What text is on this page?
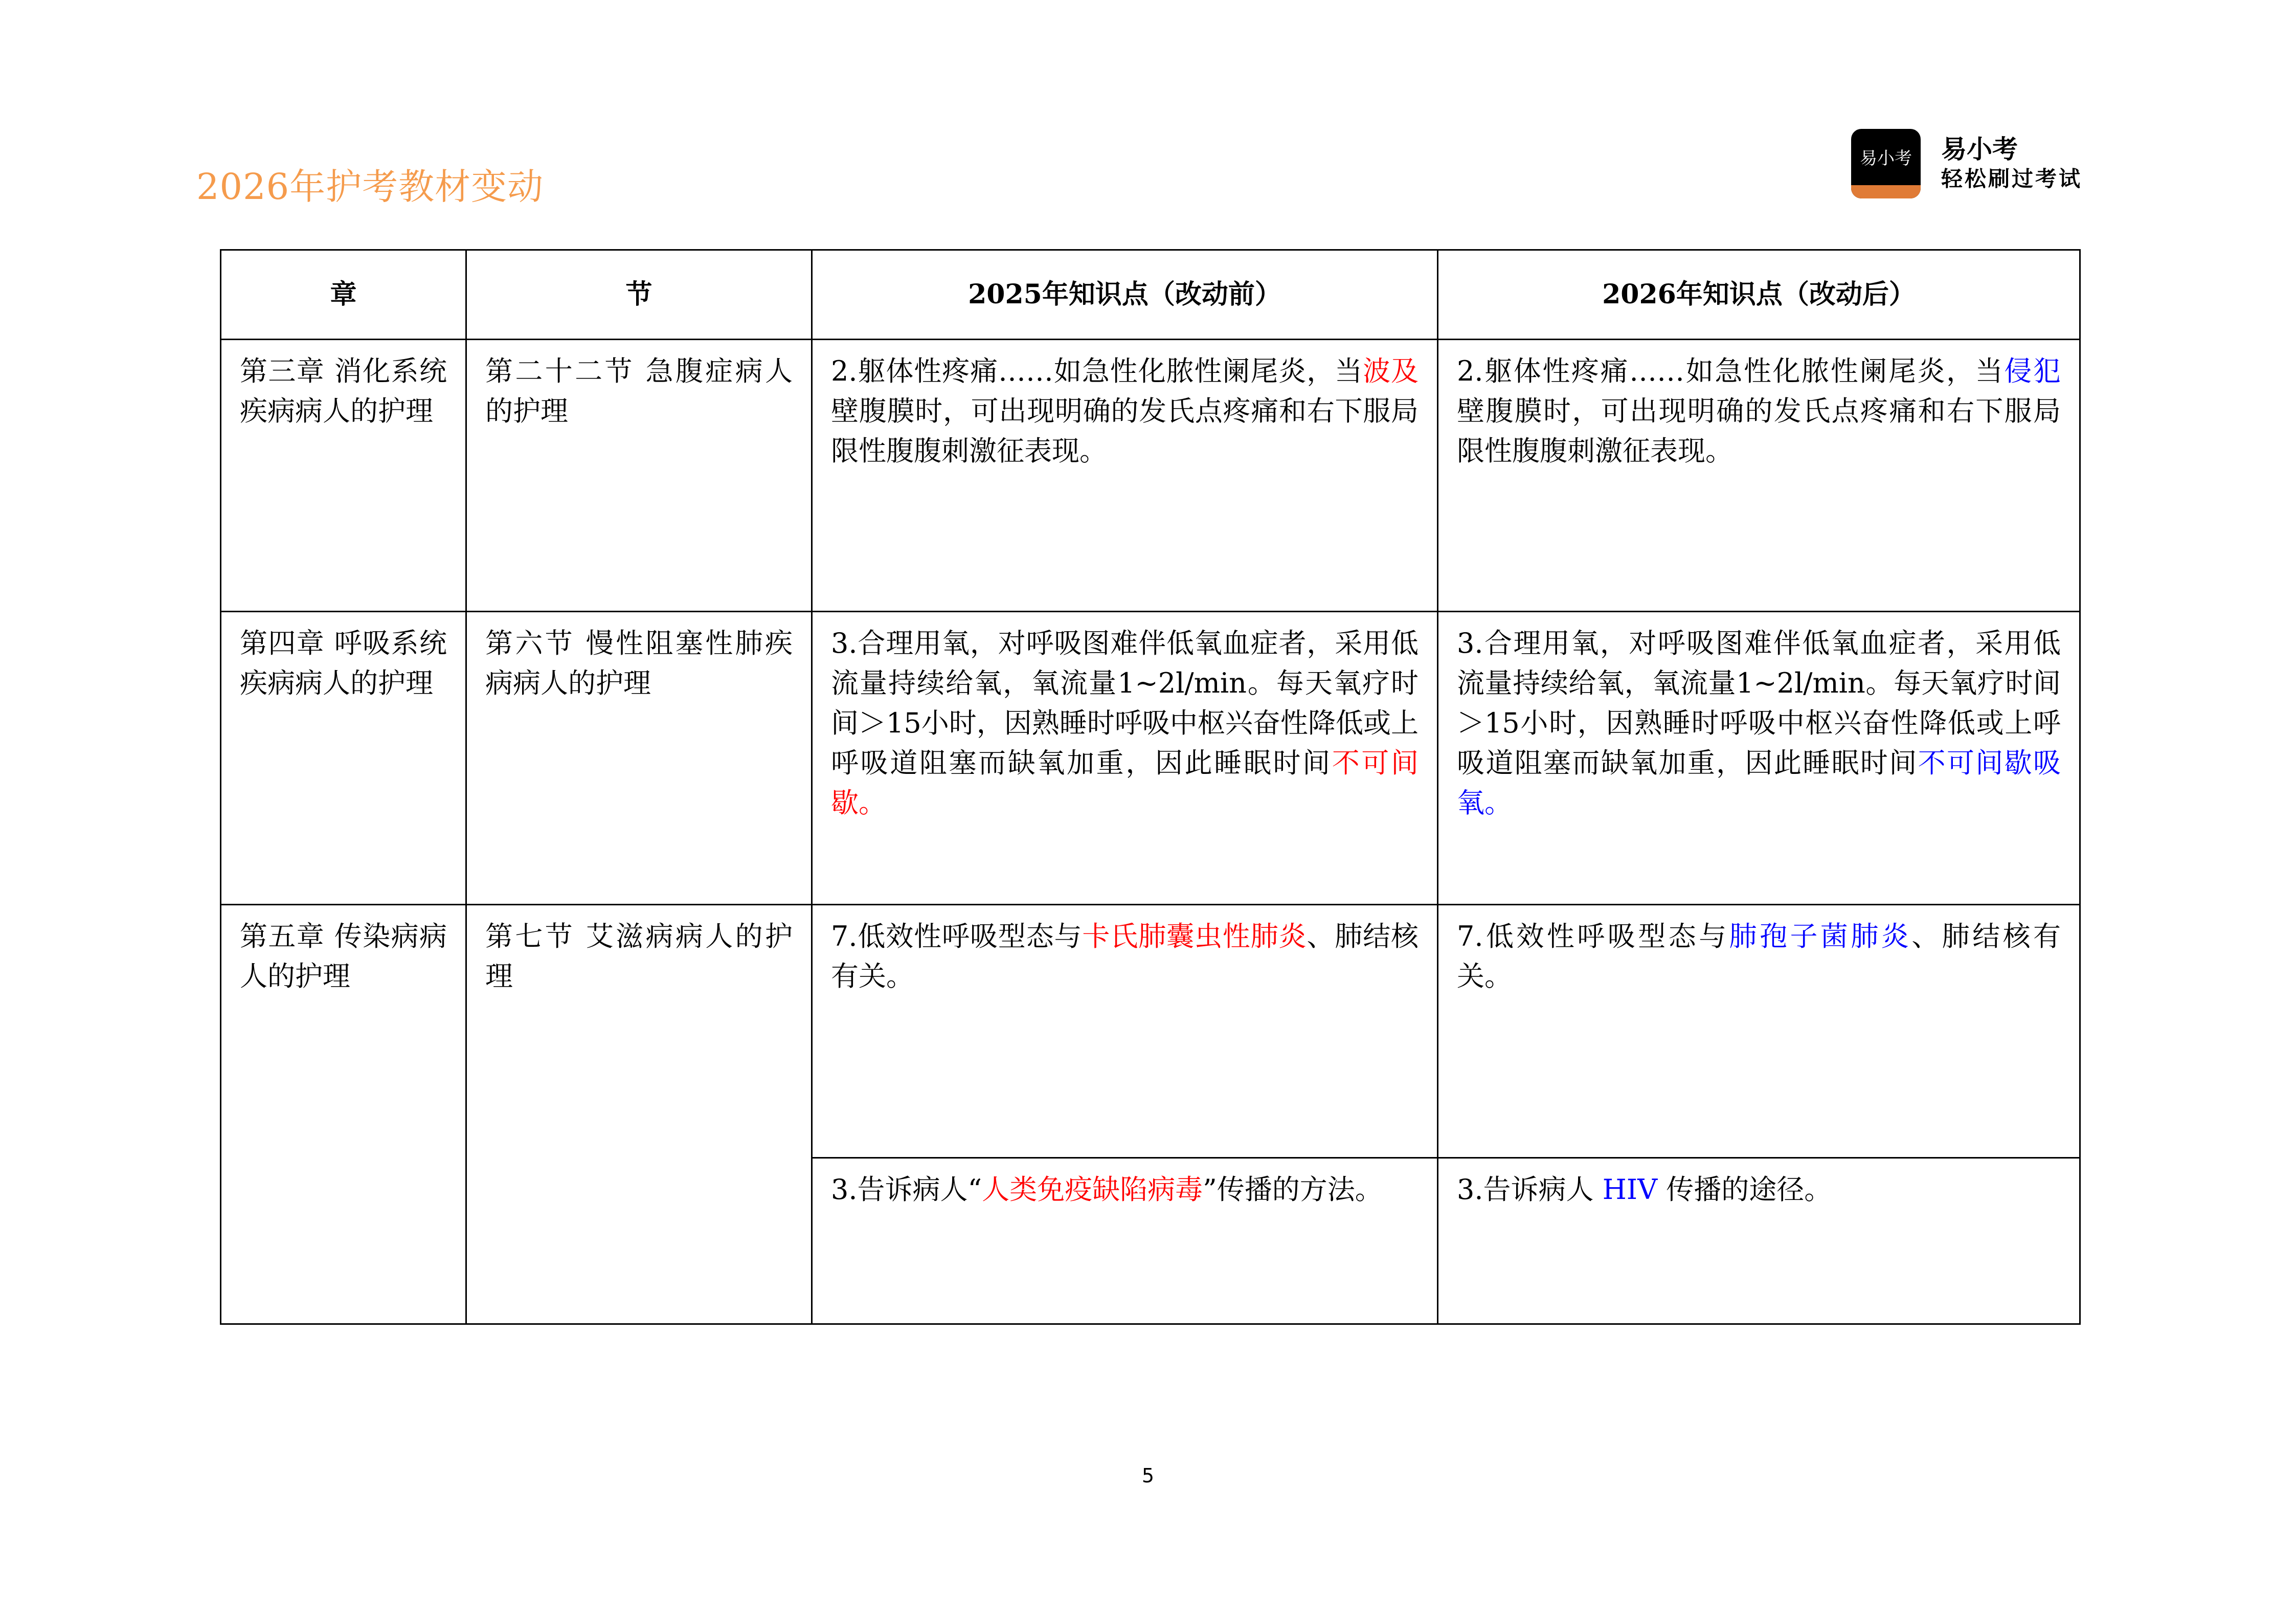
2026年护考教材变动
易小考	易小考
轻松刷过考试
章	节	2025年知识点（改动前）	2026年知识点（改动后）
第三章 消化系统疾病病人的护理	第二十二节 急腹症病人的护理	2.躯体性疼痛……如急性化脓性阑尾炎，当波及壁腹膜时，可出现明确的发氏点疼痛和右下服局限性腹腹刺激征表现。	2.躯体性疼痛……如急性化脓性阑尾炎，当侵犯壁腹膜时，可出现明确的发氏点疼痛和右下服局限性腹腹刺激征表现。
第四章 呼吸系统疾病病人的护理	第六节 慢性阻塞性肺疾病病人的护理	3.合理用氧，对呼吸图难伴低氧血症者，采用低流量持续给氧，氧流量1~2l/min。每天氧疗时间＞15小时，因熟睡时呼吸中枢兴奋性降低或上呼吸道阻塞而缺氧加重，因此睡眠时间不可间歇。	3.合理用氧，对呼吸图难伴低氧血症者，采用低流量持续给氧，氧流量1~2l/min。每天氧疗时间＞15小时，因熟睡时呼吸中枢兴奋性降低或上呼吸道阻塞而缺氧加重，因此睡眠时间不可间歇吸氧。
第五章 传染病病人的护理	第七节 艾滋病病人的护理	7.低效性呼吸型态与卡氏肺囊虫性肺炎、肺结核有关。	7.低效性呼吸型态与肺孢子菌肺炎、肺结核有关。
		3.告诉病人“人类免疫缺陷病毒”传播的方法。	3.告诉病人 HIV 传播的途径。
5
